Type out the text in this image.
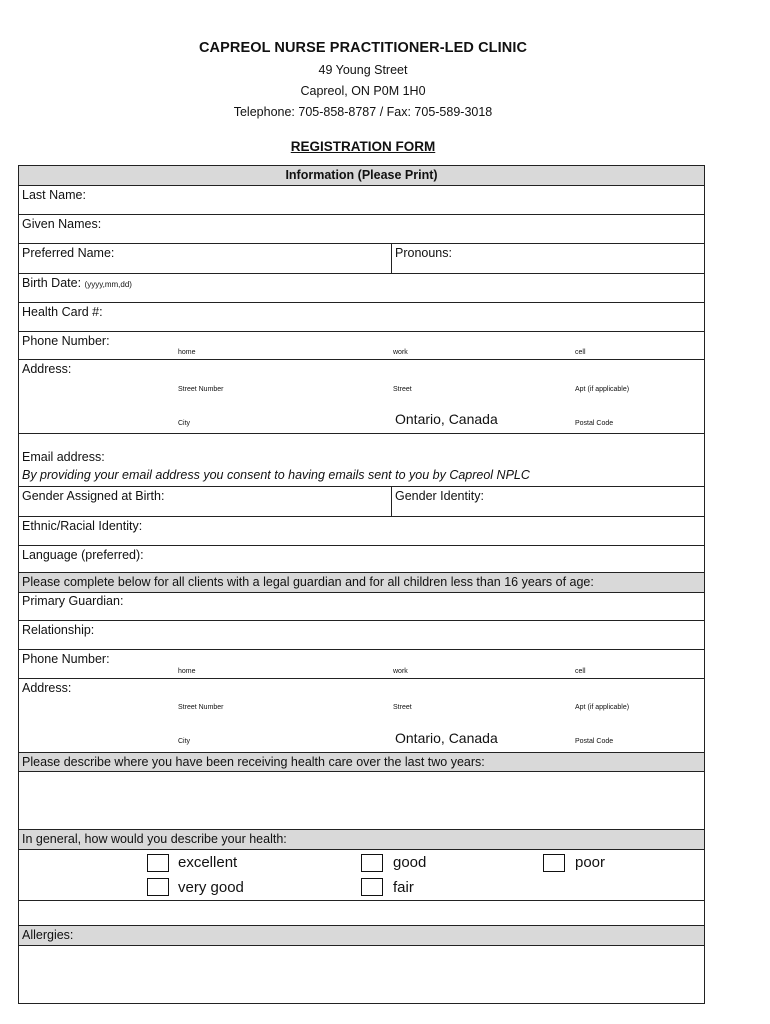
CAPREOL NURSE PRACTITIONER-LED CLINIC
49 Young Street
Capreol, ON P0M 1H0
Telephone: 705-858-8787 / Fax: 705-589-3018
REGISTRATION FORM
Information (Please Print)
Last Name:
Given Names:
Preferred Name:	Pronouns:
Birth Date: (yyyy,mm,dd)
Health Card #:
Phone Number:
home	work	cell
Address:
Street Number	Street	Apt (if applicable)
City	Ontario, Canada	Postal Code
Email address:
By providing your email address you consent to having emails sent to you by Capreol NPLC
Gender Assigned at Birth:	Gender Identity:
Ethnic/Racial Identity:
Language (preferred):
Please complete below for all clients with a legal guardian and for all children less than 16 years of age:
Primary Guardian:
Relationship:
Phone Number:
home	work	cell
Address:
Street Number	Street	Apt (if applicable)
City	Ontario, Canada	Postal Code
Please describe where you have been receiving health care over the last two years:
In general, how would you describe your health:
excellent	good	poor
very good	fair
Allergies:
